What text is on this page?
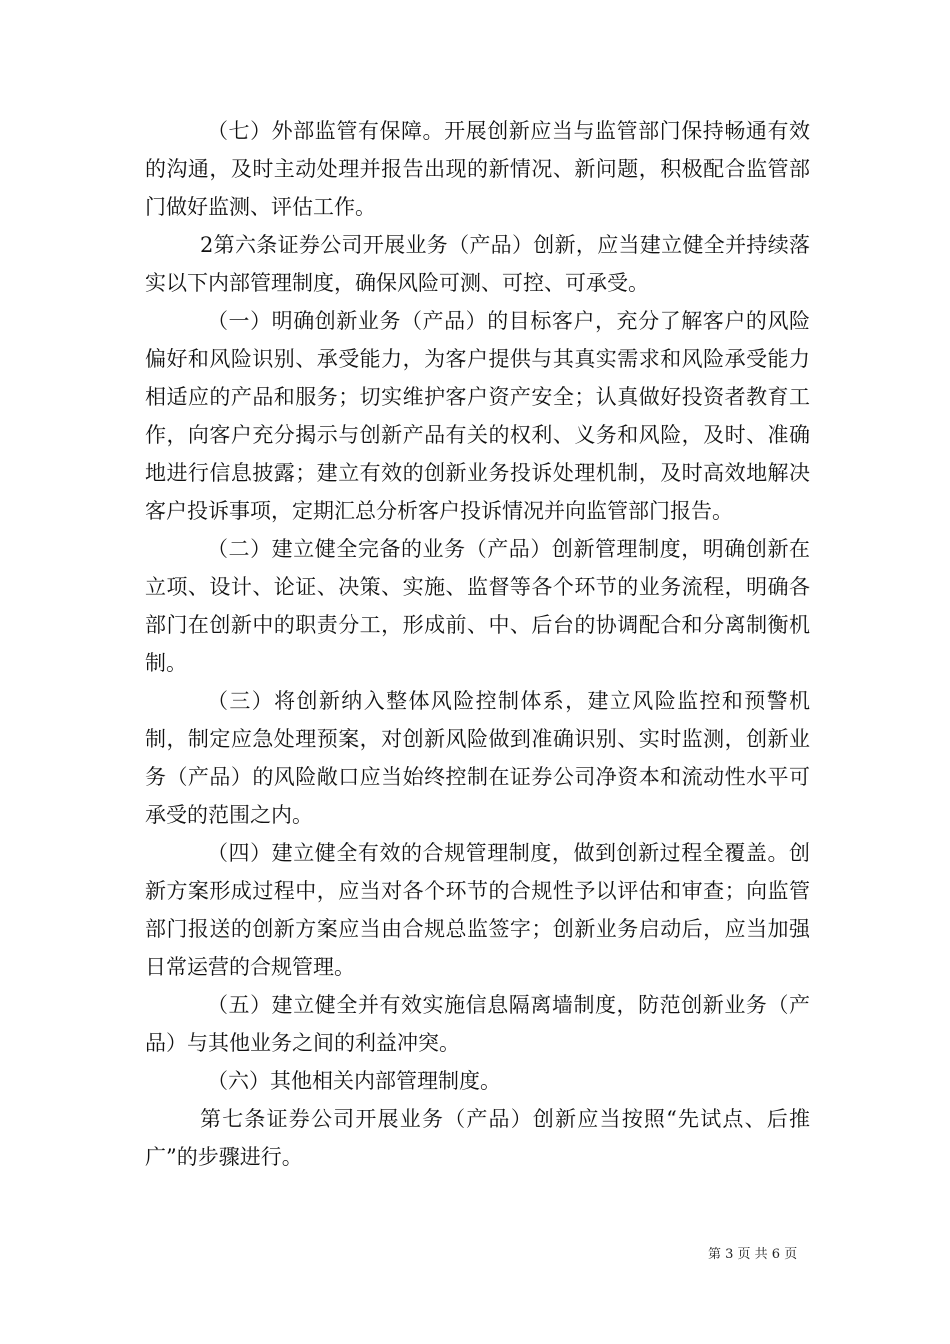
（七）外部监管有保障。开展创新应当与监管部门保持畅通有效的沟通，及时主动处理并报告出现的新情况、新问题，积极配合监管部门做好监测、评估工作。

2第六条证券公司开展业务（产品）创新，应当建立健全并持续落实以下内部管理制度，确保风险可测、可控、可承受。

（一）明确创新业务（产品）的目标客户，充分了解客户的风险偏好和风险识别、承受能力，为客户提供与其真实需求和风险承受能力相适应的产品和服务；切实维护客户资产安全；认真做好投资者教育工作，向客户充分揭示与创新产品有关的权利、义务和风险，及时、准确地进行信息披露；建立有效的创新业务投诉处理机制，及时高效地解决客户投诉事项，定期汇总分析客户投诉情况并向监管部门报告。

（二）建立健全完备的业务（产品）创新管理制度，明确创新在立项、设计、论证、决策、实施、监督等各个环节的业务流程，明确各部门在创新中的职责分工，形成前、中、后台的协调配合和分离制衡机制。

（三）将创新纳入整体风险控制体系，建立风险监控和预警机制，制定应急处理预案，对创新风险做到准确识别、实时监测，创新业务（产品）的风险敞口应当始终控制在证券公司净资本和流动性水平可承受的范围之内。

（四）建立健全有效的合规管理制度，做到创新过程全覆盖。创新方案形成过程中，应当对各个环节的合规性予以评估和审查；向监管部门报送的创新方案应当由合规总监签字；创新业务启动后，应当加强日常运营的合规管理。

（五）建立健全并有效实施信息隔离墙制度，防范创新业务（产品）与其他业务之间的利益冲突。

（六）其他相关内部管理制度。

第七条证券公司开展业务（产品）创新应当按照“先试点、后推广”的步骤进行。

第 3 页 共 6 页
